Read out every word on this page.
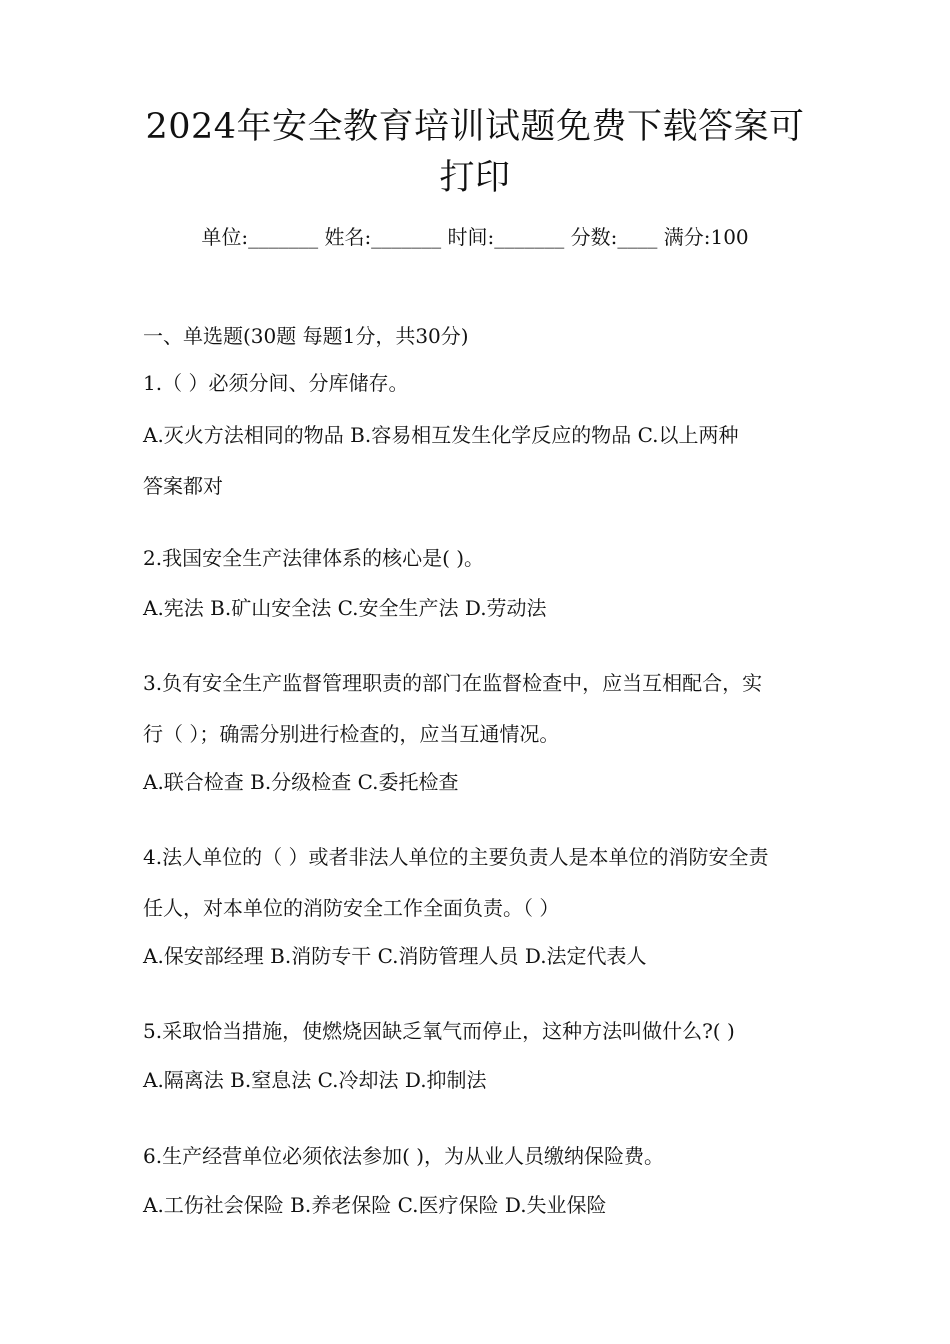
2024年安全教育培训试题免费下载答案可
打印
单位:_______ 姓名:_______ 时间:_______ 分数:____ 满分:100
一、单选题(30题 每题1分，共30分)
1.（ ）必须分间、分库储存。
A.灭火方法相同的物品 B.容易相互发生化学反应的物品 C.以上两种
答案都对
2.我国安全生产法律体系的核心是( )。
A.宪法 B.矿山安全法 C.安全生产法 D.劳动法
3.负有安全生产监督管理职责的部门在监督检查中，应当互相配合，实
行（ ）；确需分别进行检查的，应当互通情况。
A.联合检查 B.分级检查 C.委托检查
4.法人单位的（ ）或者非法人单位的主要负责人是本单位的消防安全责
任人，对本单位的消防安全工作全面负责。（ ）
A.保安部经理 B.消防专干 C.消防管理人员 D.法定代表人
5.采取恰当措施，使燃烧因缺乏氧气而停止，这种方法叫做什么?( )
A.隔离法 B.窒息法 C.冷却法 D.抑制法
6.生产经营单位必须依法参加( )，为从业人员缴纳保险费。
A.工伤社会保险 B.养老保险 C.医疗保险 D.失业保险
